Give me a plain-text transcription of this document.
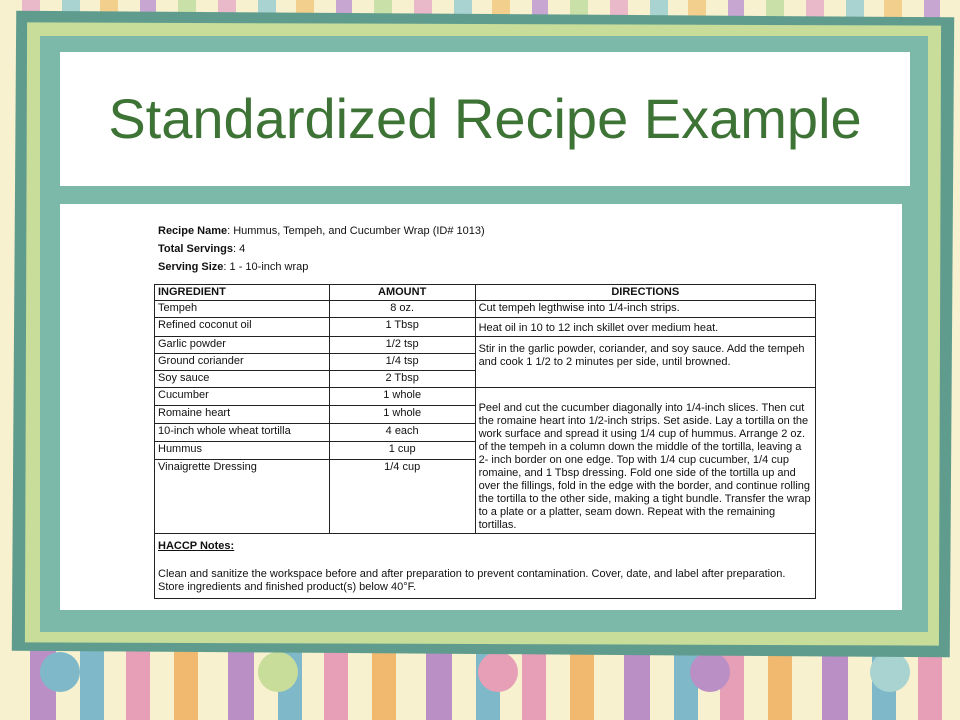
Standardized Recipe Example
Recipe Name: Hummus, Tempeh, and Cucumber Wrap (ID# 1013)
Total Servings: 4
Serving Size: 1 - 10-inch wrap
INGREDIENT	AMOUNT	DIRECTIONS
Tempeh	8 oz.	Cut tempeh legthwise into 1/4-inch strips.
Refined coconut oil	1 Tbsp	Heat oil in 10 to 12 inch skillet over medium heat.
Garlic powder	1/2 tsp	Stir in the garlic powder, coriander, and soy sauce. Add the tempeh and cook 1 1/2 to 2 minutes per side, until browned.
Ground coriander	1/4 tsp	
Soy sauce	2 Tbsp	
Cucumber	1 whole	Peel and cut the cucumber diagonally into 1/4-inch slices. Then cut the romaine heart into 1/2-inch strips. Set aside. Lay a tortilla on the work surface and spread it using 1/4 cup of hummus. Arrange 2 oz. of the tempeh in a column down the middle of the tortilla, leaving a 2- inch border on one edge. Top with 1/4 cup cucumber, 1/4 cup romaine, and 1 Tbsp dressing. Fold one side of the tortilla up and over the fillings, fold in the edge with the border, and continue rolling the tortilla to the other side, making a tight bundle. Transfer the wrap to a plate or a platter, seam down. Repeat with the remaining tortillas.
Romaine heart	1 whole	
10-inch whole wheat tortilla	4 each	
Hummus	1 cup	
Vinaigrette Dressing	1/4 cup	

HACCP Notes:
Clean and sanitize the workspace before and after preparation to prevent contamination. Cover, date, and label after preparation. Store ingredients and finished product(s) below 40°F.		
